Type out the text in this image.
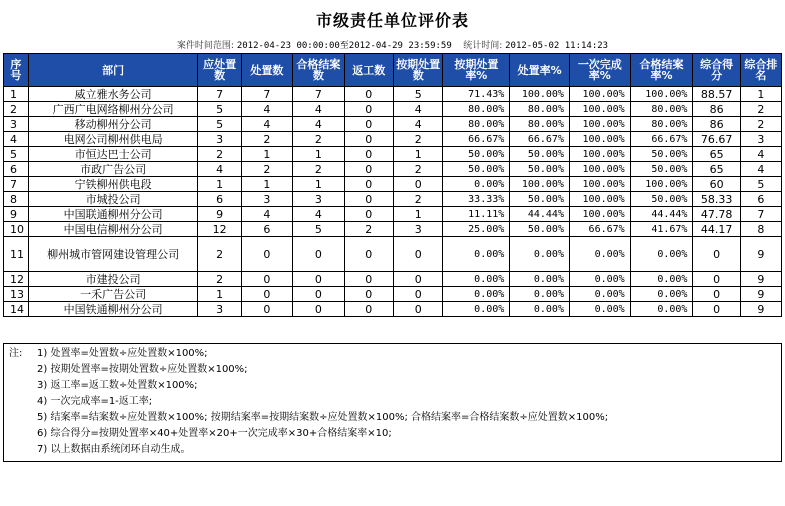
市级责任单位评价表
案件时间范围: 2012-04-23 00:00:00至2012-04-29 23:59:59 统计时间: 2012-05-02 11:14:23
序号	部门	应处置数	处置数	合格结案数	返工数	按期处置数	按期处置率%	处置率%	一次完成率%	合格结案率%	综合得分	综合排名
1	威立雅水务公司	7	7	7	0	5	71.43%	100.00%	100.00%	100.00%	88.57	1
2	广西广电网络柳州分公司	5	4	4	0	4	80.00%	80.00%	100.00%	80.00%	86	2
3	移动柳州分公司	5	4	4	0	4	80.00%	80.00%	100.00%	80.00%	86	2
4	电网公司柳州供电局	3	2	2	0	2	66.67%	66.67%	100.00%	66.67%	76.67	3
5	市恒达巴士公司	2	1	1	0	1	50.00%	50.00%	100.00%	50.00%	65	4
6	市政广告公司	4	2	2	0	2	50.00%	50.00%	100.00%	50.00%	65	4
7	宁铁柳州供电段	1	1	1	0	0	0.00%	100.00%	100.00%	100.00%	60	5
8	市城投公司	6	3	3	0	2	33.33%	50.00%	100.00%	50.00%	58.33	6
9	中国联通柳州分公司	9	4	4	0	1	11.11%	44.44%	100.00%	44.44%	47.78	7
10	中国电信柳州分公司	12	6	5	2	3	25.00%	50.00%	66.67%	41.67%	44.17	8
11	柳州城市管网建设管理公司	2	0	0	0	0	0.00%	0.00%	0.00%	0.00%	0	9
12	市建投公司	2	0	0	0	0	0.00%	0.00%	0.00%	0.00%	0	9
13	一禾广告公司	1	0	0	0	0	0.00%	0.00%	0.00%	0.00%	0	9
14	中国铁通柳州分公司	3	0	0	0	0	0.00%	0.00%	0.00%	0.00%	0	9
注: 1) 处置率=处置数÷应处置数×100%;
2) 按期处置率=按期处置数÷应处置数×100%;
3) 返工率=返工数÷处置数×100%;
4) 一次完成率=1-返工率;
5) 结案率=结案数÷应处置数×100%; 按期结案率=按期结案数÷应处置数×100%; 合格结案率=合格结案数÷应处置数×100%;
6) 综合得分=按期处置率×40+处置率×20+一次完成率×30+合格结案率×10;
7) 以上数据由系统闭环自动生成。
